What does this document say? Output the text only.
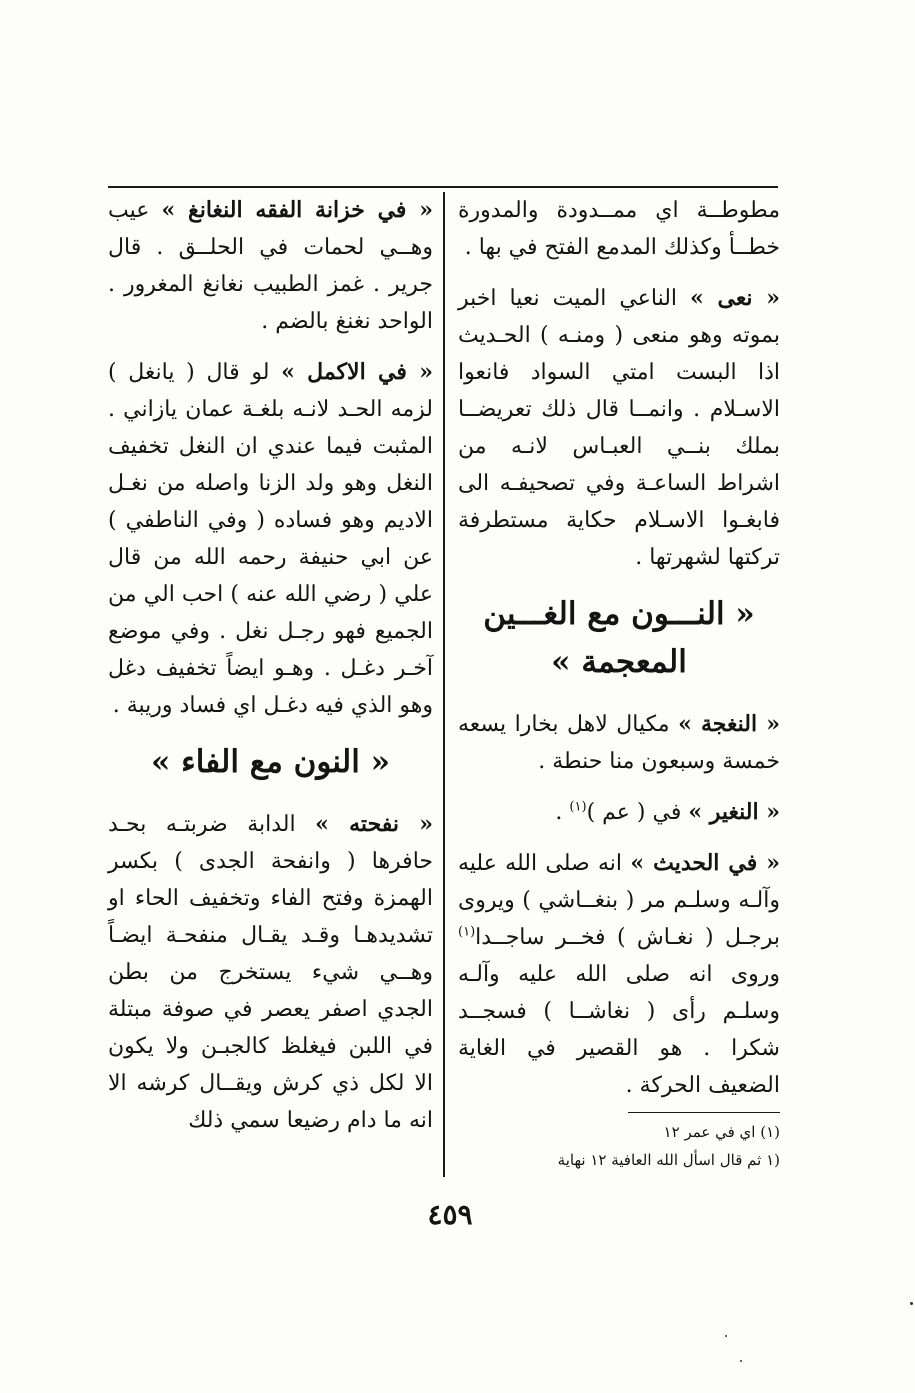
مطوطــة اي ممــدودة والمدورة خطــأ وكذلك المدمع الفتح في بها .

« نعى » الناعي الميت نعيا اخبر بموته وهو منعى ( ومنـه ) الحـديث اذا البست امتي السواد فانعوا الاسـلام . وانمــا قال ذلك تعريضــا بملك بنــي العبـاس لانـه من اشراط الساعـة وفي تصحيفـه الى فابغـوا الاسـلام حكاية مستطرفة تركتها لشهرتها .

« النـــون مع الغـــين المعجمة »

« النغجة » مكيال لاهل بخارا يسعه خمسة وسبعون منا حنطة .

« النغير » في ( عم )$^{(١)}$ .

« في الحديث » انه صلى الله عليه وآلـه وسلـم مر ( بنغــاشي ) ويروى برجـل ( نغـاش ) فخــر ساجــدا$^{(١)}$ وروى انه صلى الله عليه وآلـه وسلـم رأى ( نغاشــا ) فسجــد شكرا . هو القصير في الغاية الضعيف الحركة .

« في خزانة الفقه النغانغ » عيب وهــي لحمات في الحلــق . قال جرير . غمز الطبيب نغانغ المغرور . الواحد نغنغ بالضم .

« في الاكمل » لو قال ( يانغل ) لزمه الحـد لانـه بلغـة عمان يازاني . المثبت فيما عندي ان النغل تخفيف النغل وهو ولد الزنا واصله من نغـل الاديم وهو فساده ( وفي الناطفي ) عن ابي حنيفة رحمه الله من قال علي ( رضي الله عنه ) احب الي من الجميع فهو رجـل نغل . وفي موضع آخـر دغـل . وهـو ايضاً تخفيف دغل وهو الذي فيه دغـل اي فساد وريبة .

« النون مع الفاء »

« نفحته » الدابة ضربتـه بحـد حافرها ( وانفحة الجدى ) بكسر الهمزة وفتح الفاء وتخفيف الحاء او تشديدهـا وقـد يقـال منفحـة ايضـاً وهــي شيء يستخرج من بطن الجدي اصفر يعصر في صوفة مبتلة في اللبن فيغلظ كالجبـن ولا يكون الا لكل ذي كرش ويقــال كرشه الا انه ما دام رضيعا سمي ذلك	(١) اي في عمر ١٢

(١ ثم قال اسأل الله العافية ١٢ نهاية

٤٥٩
